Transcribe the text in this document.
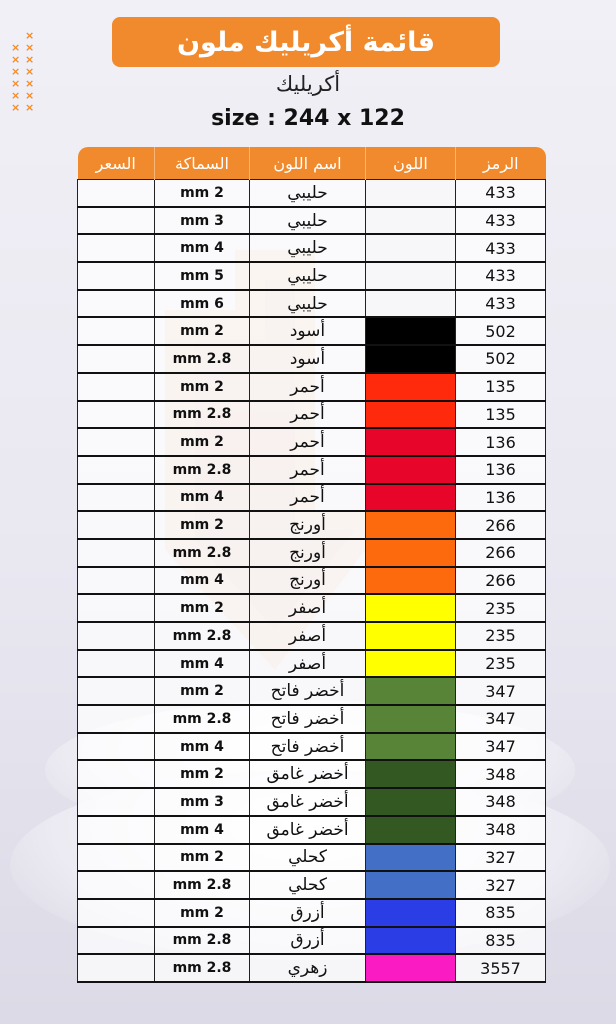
×
× ×
× ×
× ×
× ×
× ×
× ×
قائمة أكريليك ملون
أكريليك
size : 244 x 122
الرمز	اللون	اسم اللون	السماكة	السعر
433		حليبي	2 mm	
433		حليبي	3 mm	
433		حليبي	4 mm	
433		حليبي	5 mm	
433		حليبي	6 mm	
502		أسود	2 mm	
502		أسود	2.8 mm	
135		أحمر	2 mm	
135		أحمر	2.8 mm	
136		أحمر	2 mm	
136		أحمر	2.8 mm	
136		أحمر	4 mm	
266		أورنج	2 mm	
266		أورنج	2.8 mm	
266		أورنج	4 mm	
235		أصفر	2 mm	
235		أصفر	2.8 mm	
235		أصفر	4 mm	
347		أخضر فاتح	2 mm	
347		أخضر فاتح	2.8 mm	
347		أخضر فاتح	4 mm	
348		أخضر غامق	2 mm	
348		أخضر غامق	3 mm	
348		أخضر غامق	4 mm	
327		كحلي	2 mm	
327		كحلي	2.8 mm	
835		أزرق	2 mm	
835		أزرق	2.8 mm	
3557		زهري	2.8 mm	
